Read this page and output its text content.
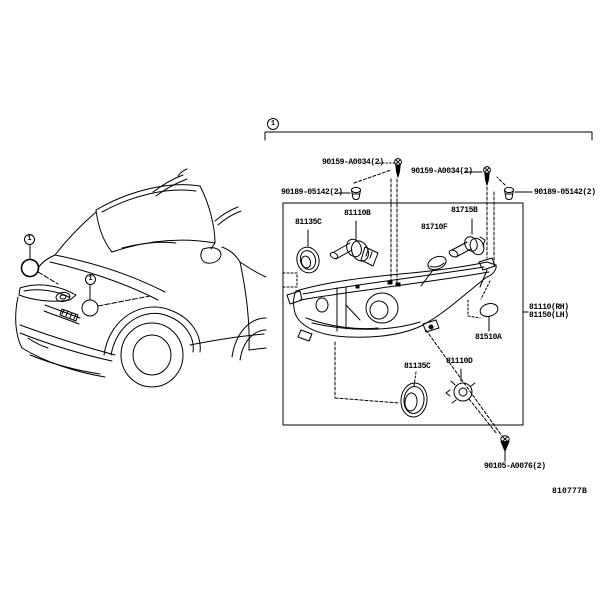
1
1
1
90159-A0034(2)
90159-A0034(2)
90189-05142(2)	90189-05142(2)
81135C
81110B
81710F
81715B
81510A
81135C
81110D
81110(RH)
81150(LH)
90105-A0076(2)
810777B
